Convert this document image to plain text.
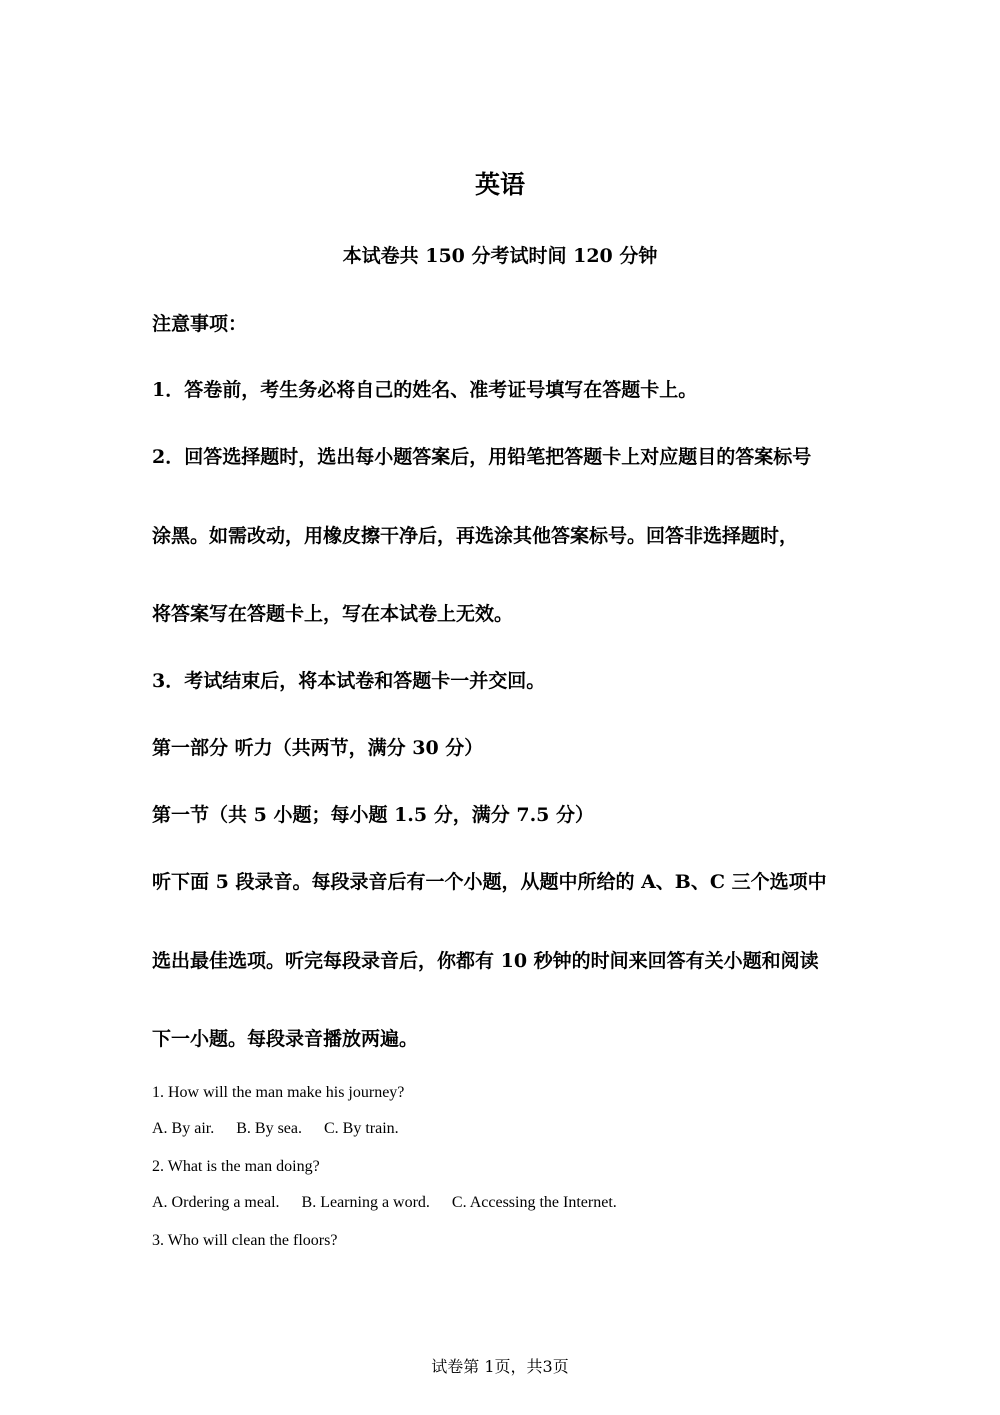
英语
本试卷共 150 分考试时间 120 分钟
注意事项：
1．答卷前，考生务必将自己的姓名、准考证号填写在答题卡上。
2．回答选择题时，选出每小题答案后，用铅笔把答题卡上对应题目的答案标号
涂黑。如需改动，用橡皮擦干净后，再选涂其他答案标号。回答非选择题时，
将答案写在答题卡上，写在本试卷上无效。
3．考试结束后，将本试卷和答题卡一并交回。
第一部分 听力（共两节，满分 30 分）
第一节（共 5 小题；每小题 1.5 分，满分 7.5 分）
听下面 5 段录音。每段录音后有一个小题，从题中所给的 A、B、C 三个选项中
选出最佳选项。听完每段录音后，你都有 10 秒钟的时间来回答有关小题和阅读
下一小题。每段录音播放两遍。
1. How will the man make his journey?
A. By air. B. By sea. C. By train.
2. What is the man doing?
A. Ordering a meal. B. Learning a word. C. Accessing the Internet.
3. Who will clean the floors?
试卷第 1页，共3页
